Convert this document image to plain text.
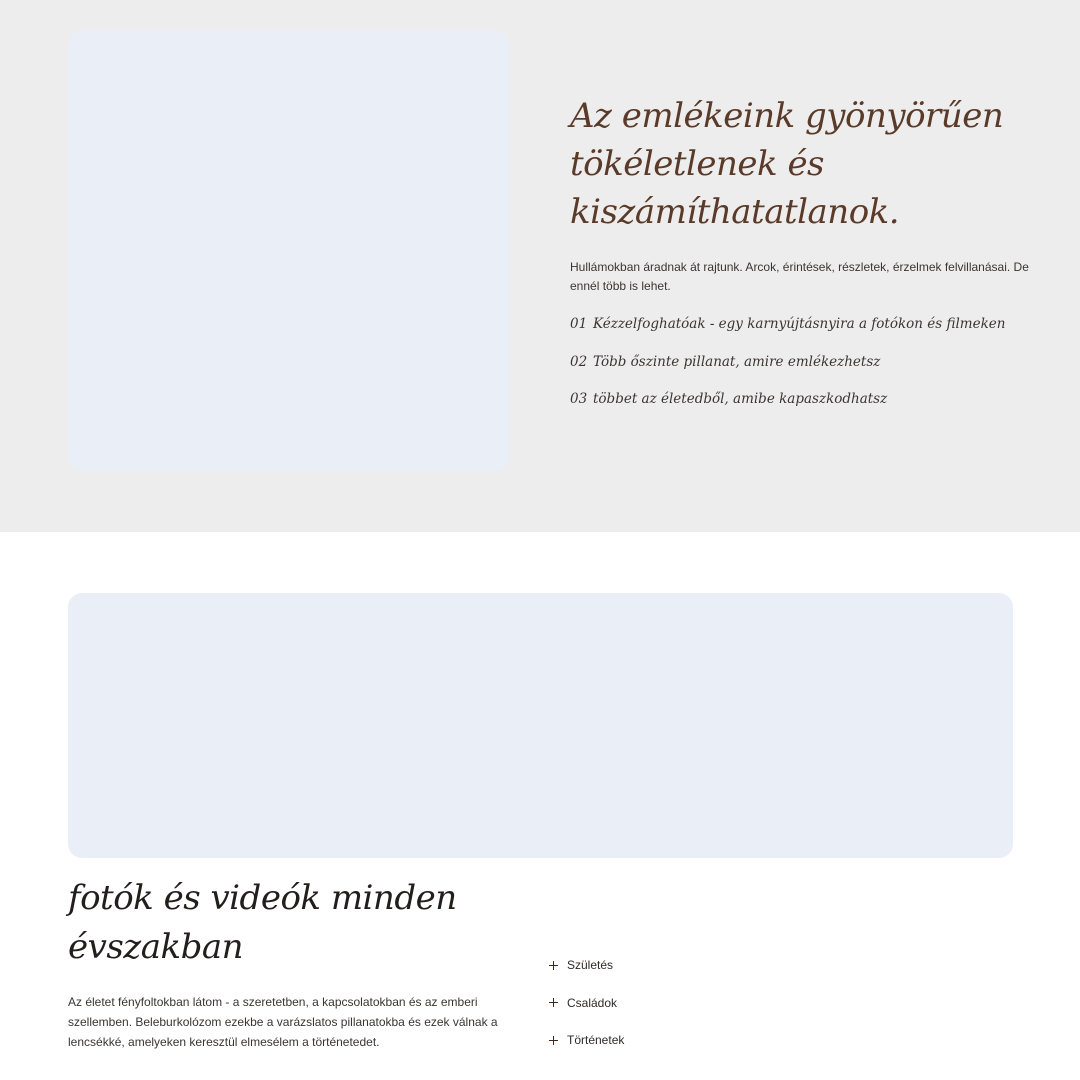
Az emlékeink gyönyörűen tökéletlenek és kiszámíthatatlanok.

Hullámokban áradnak át rajtunk. Arcok, érintések, részletek, érzelmek felvillanásai. De ennél több is lehet.

01 Kézzelfoghatóak - egy karnyújtásnyira a fotókon és filmeken
02 Több őszinte pillanat, amire emlékezhetsz
03 többet az életedből, amibe kapaszkodhatsz
fotók és videók minden évszakban

Az életet fényfoltokban látom - a szeretetben, a kapcsolatokban és az emberi szellemben. Beleburkolózom ezekbe a varázslatos pillanatokba és ezek válnak a lencsékké, amelyeken keresztül elmesélem a történetedet.

Születés
Családok
Történetek
